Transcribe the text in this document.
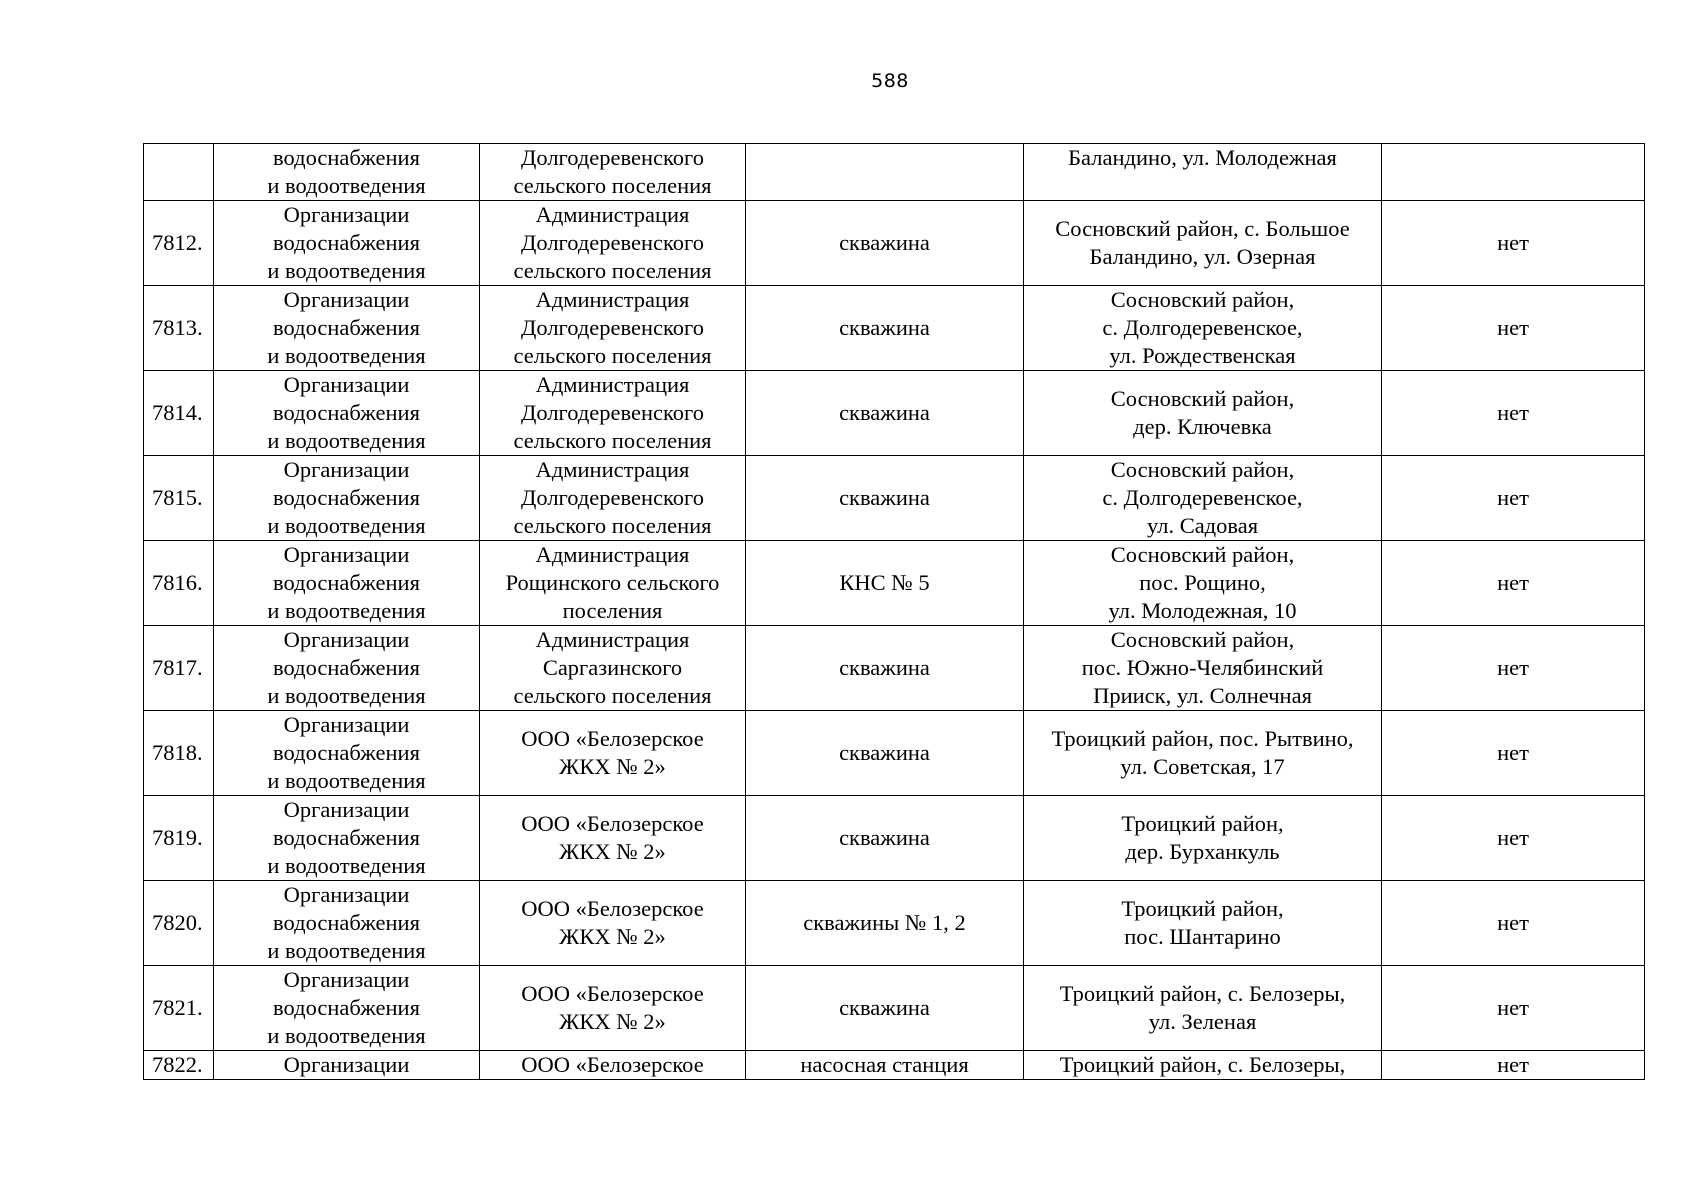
588
	водоснабжения
и водоотведения	Долгодеревенского
сельского поселения		Баландино, ул. Молодежная	
7812.	Организации
водоснабжения
и водоотведения	Администрация
Долгодеревенского
сельского поселения	скважина	Сосновский район, с. Большое
Баландино, ул. Озерная	нет
7813.	Организации
водоснабжения
и водоотведения	Администрация
Долгодеревенского
сельского поселения	скважина	Сосновский район,
с. Долгодеревенское,
ул. Рождественская	нет
7814.	Организации
водоснабжения
и водоотведения	Администрация
Долгодеревенского
сельского поселения	скважина	Сосновский район,
дер. Ключевка	нет
7815.	Организации
водоснабжения
и водоотведения	Администрация
Долгодеревенского
сельского поселения	скважина	Сосновский район,
с. Долгодеревенское,
ул. Садовая	нет
7816.	Организации
водоснабжения
и водоотведения	Администрация
Рощинского сельского
поселения	КНС № 5	Сосновский район,
пос. Рощино,
ул. Молодежная, 10	нет
7817.	Организации
водоснабжения
и водоотведения	Администрация
Саргазинского
сельского поселения	скважина	Сосновский район,
пос. Южно-Челябинский
Прииск, ул. Солнечная	нет
7818.	Организации
водоснабжения
и водоотведения	ООО «Белозерское
ЖКХ № 2»	скважина	Троицкий район, пос. Рытвино,
ул. Советская, 17	нет
7819.	Организации
водоснабжения
и водоотведения	ООО «Белозерское
ЖКХ № 2»	скважина	Троицкий район,
дер. Бурханкуль	нет
7820.	Организации
водоснабжения
и водоотведения	ООО «Белозерское
ЖКХ № 2»	скважины № 1, 2	Троицкий район,
пос. Шантарино	нет
7821.	Организации
водоснабжения
и водоотведения	ООО «Белозерское
ЖКХ № 2»	скважина	Троицкий район, с. Белозеры,
ул. Зеленая	нет
7822.	Организации	ООО «Белозерское	насосная станция	Троицкий район, с. Белозеры,	нет
